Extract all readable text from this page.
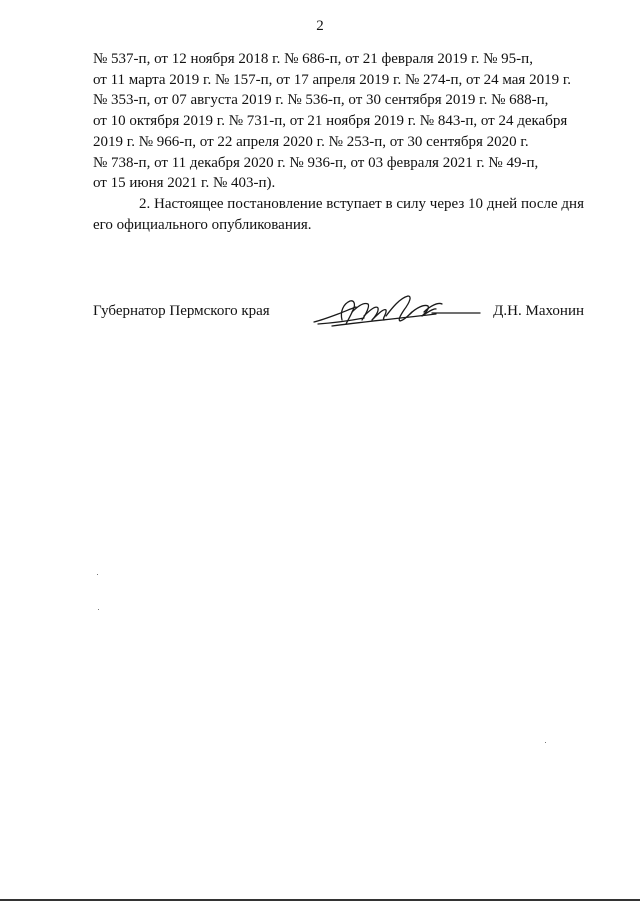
2

№ 537-п, от 12 ноября 2018 г. № 686-п, от 21 февраля 2019 г. № 95-п,
от 11 марта 2019 г. № 157-п, от 17 апреля 2019 г. № 274-п, от 24 мая 2019 г.
№ 353-п, от 07 августа 2019 г. № 536-п, от 30 сентября 2019 г. № 688-п,
от 10 октября 2019 г. № 731-п, от 21 ноября 2019 г. № 843-п, от 24 декабря
2019 г. № 966-п, от 22 апреля 2020 г. № 253-п, от 30 сентября 2020 г.
№ 738-п, от 11 декабря 2020 г. № 936-п, от 03 февраля 2021 г. № 49-п,
от 15 июня 2021 г. № 403-п).

2. Настоящее постановление вступает в силу через 10 дней после дня его официального опубликования.

Губернатор Пермского края	Д.Н. Махонин
